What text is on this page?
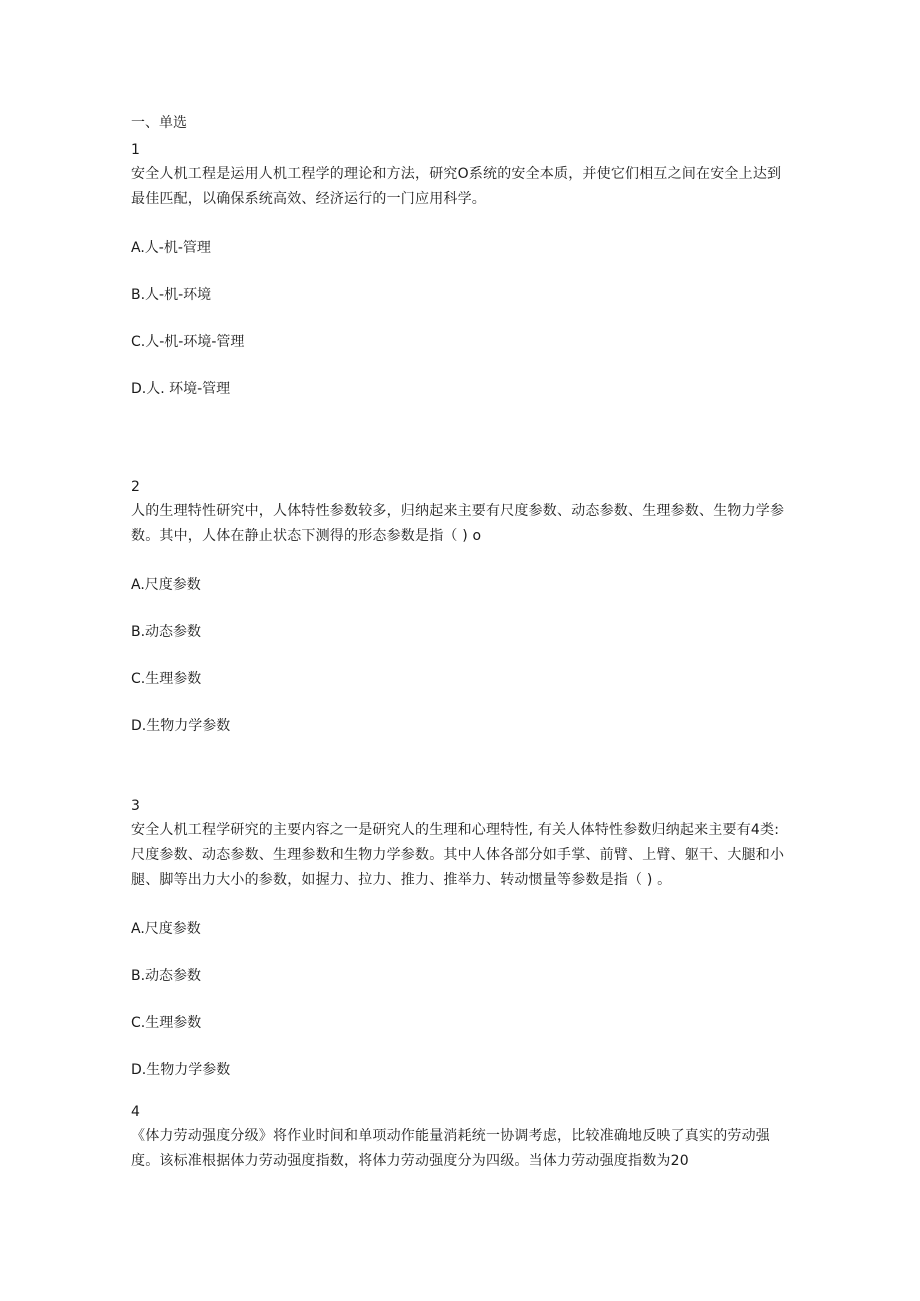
一、单选
1
安全人机工程是运用人机工程学的理论和方法，研究O系统的安全本质，并使它们相互之间在安全上达到最佳匹配，以确保系统高效、经济运行的一门应用科学。
A.人-机-管理
B.人-机-环境
C.人-机-环境-管理
D.人. 环境-管理
2
人的生理特性研究中，人体特性参数较多，归纳起来主要有尺度参数、动态参数、生理参数、生物力学参数。其中，人体在静止状态下测得的形态参数是指（ ) o
A.尺度参数
B.动态参数
C.生理参数
D.生物力学参数
3
安全人机工程学研究的主要内容之一是研究人的生理和心理特性, 有关人体特性参数归纳起来主要有4类: 尺度参数、动态参数、生理参数和生物力学参数。其中人体各部分如手掌、前臂、上臂、躯干、大腿和小腿、脚等出力大小的参数，如握力、拉力、推力、推举力、转动惯量等参数是指（ ) 。
A.尺度参数
B.动态参数
C.生理参数
D.生物力学参数
4
《体力劳动强度分级》将作业时间和单项动作能量消耗统一协调考虑，比较准确地反映了真实的劳动强度。该标准根据体力劳动强度指数，将体力劳动强度分为四级。当体力劳动强度指数为20
